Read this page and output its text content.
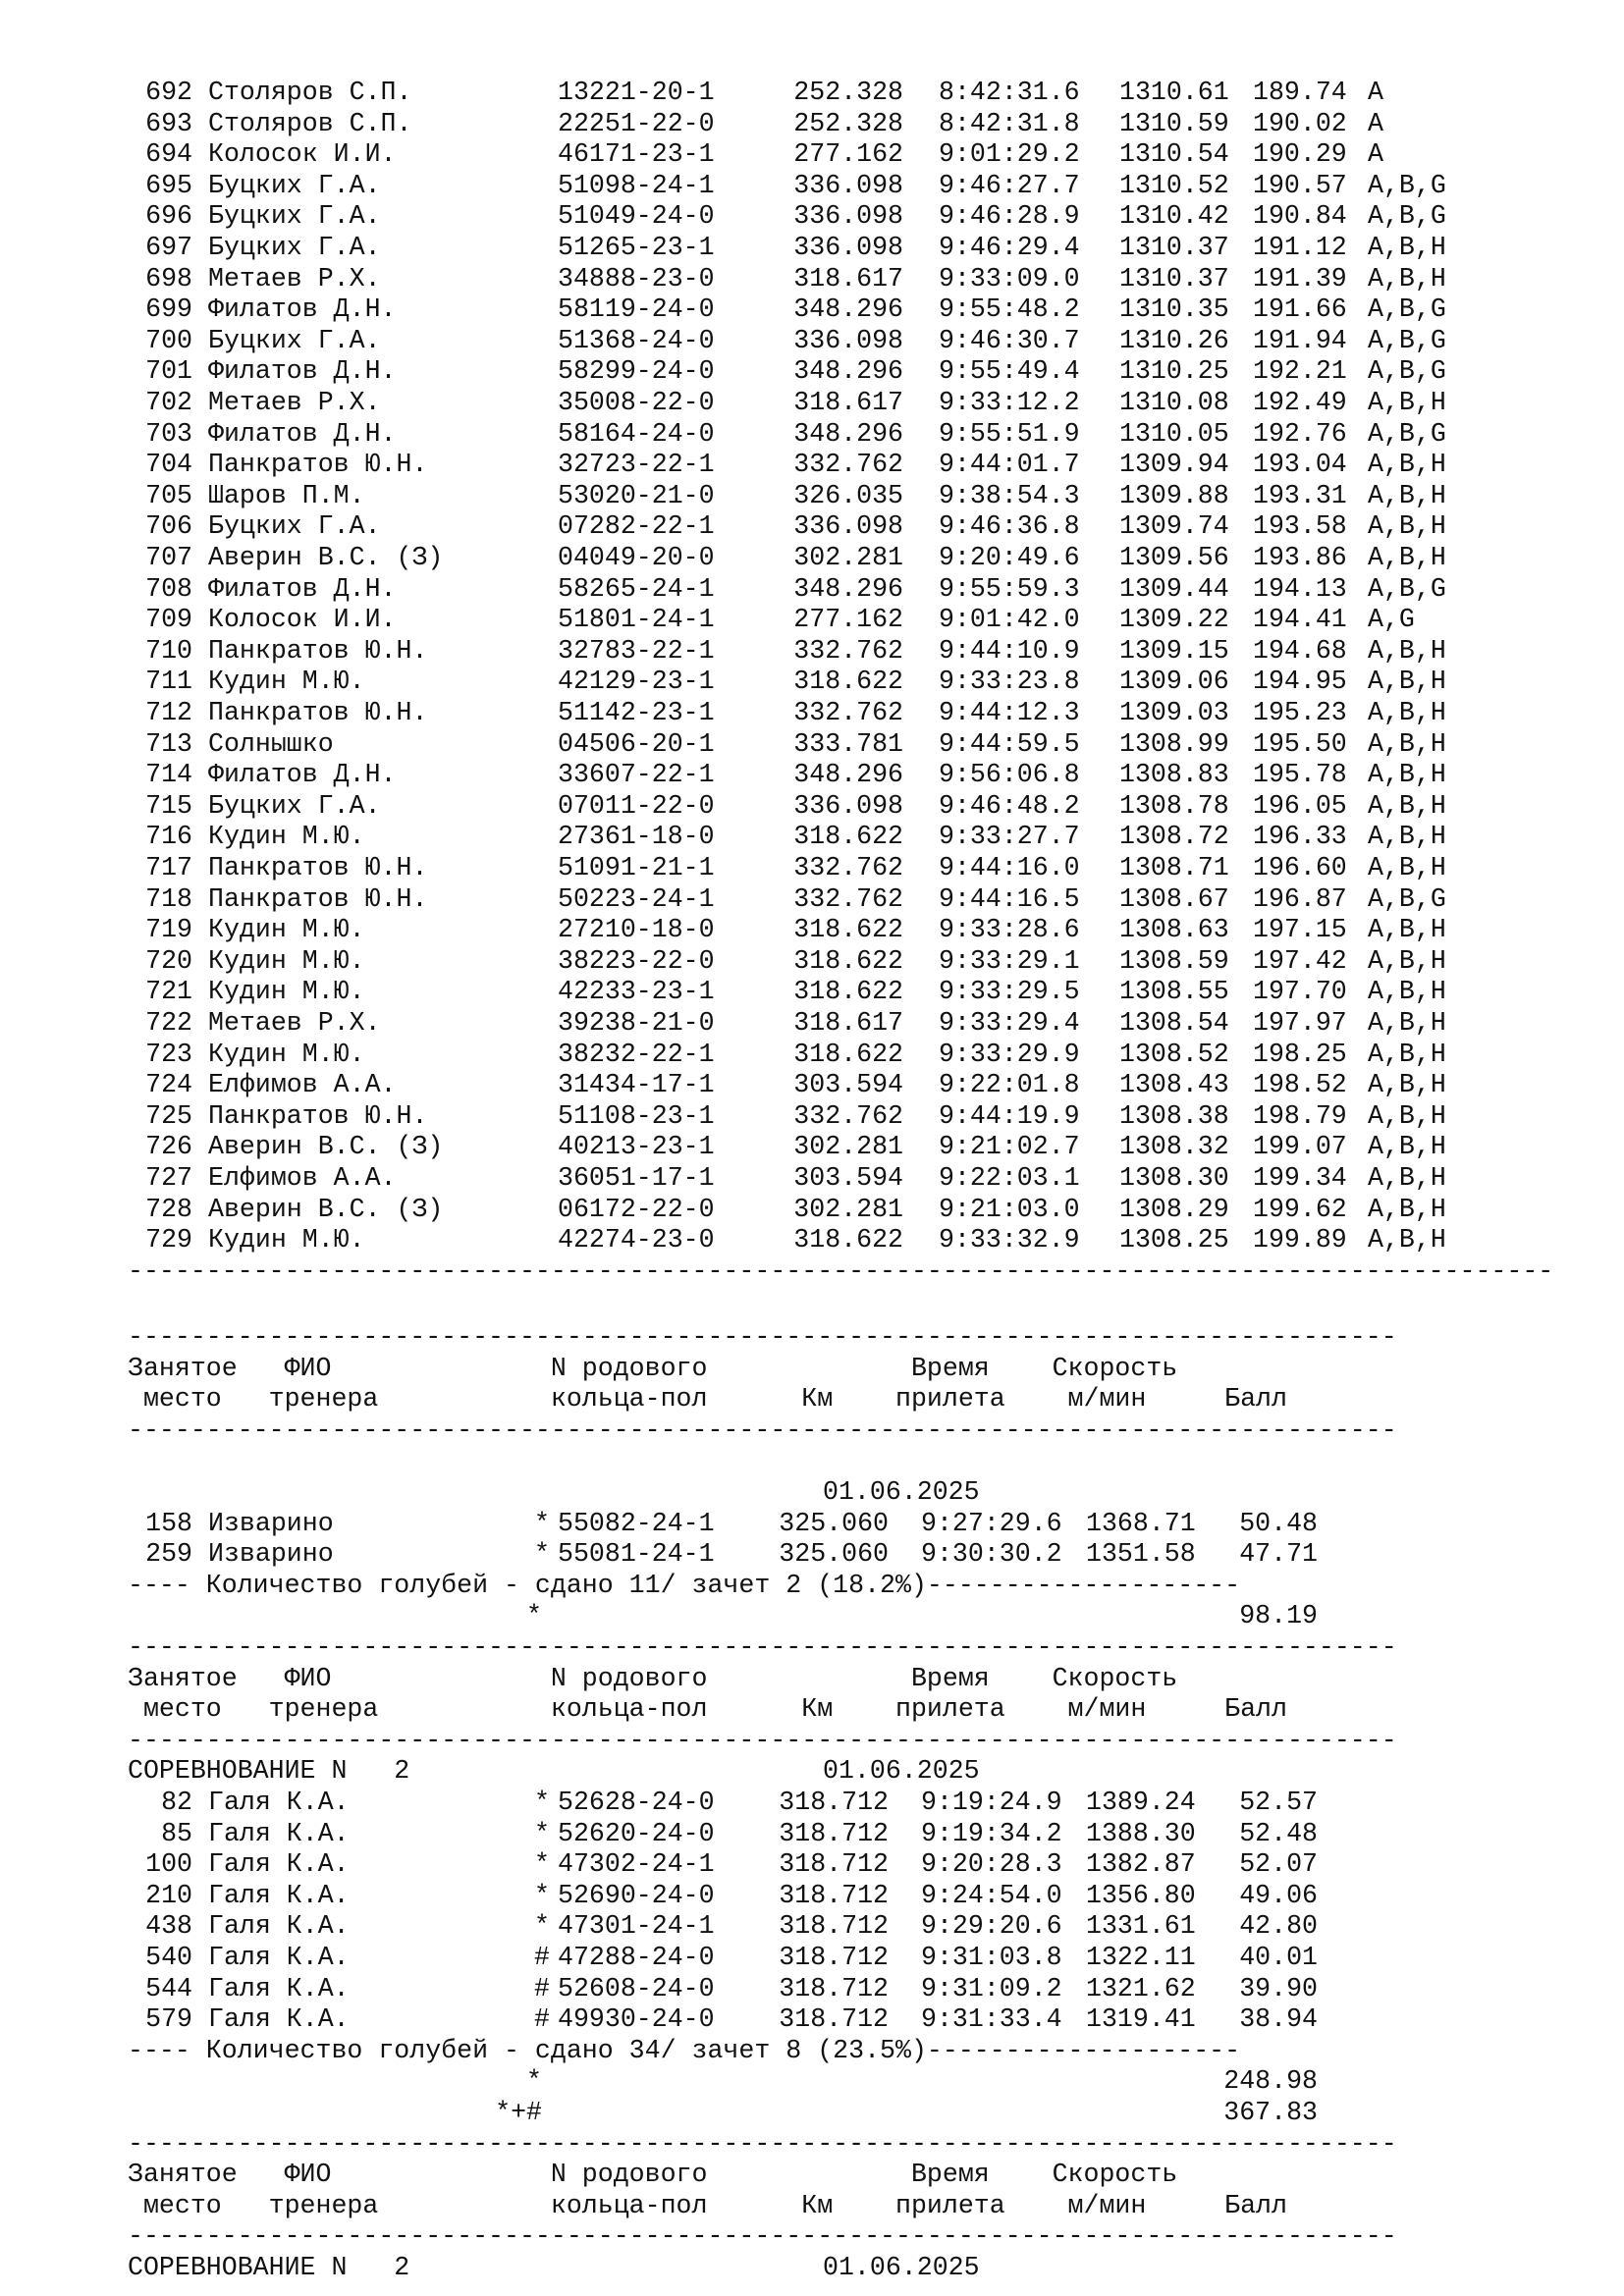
692 Столяров С.П.	13221-20-1	252.328 8:42:31.6 1310.61 189.74 A
693 Столяров С.П.	22251-22-0	252.328 8:42:31.8 1310.59 190.02 A
694 Колосок И.И.	46171-23-1	277.162 9:01:29.2 1310.54 190.29 A
695 Буцких Г.А.	51098-24-1	336.098 9:46:27.7 1310.52 190.57 A,B,G
696 Буцких Г.А.	51049-24-0	336.098 9:46:28.9 1310.42 190.84 A,B,G
697 Буцких Г.А.	51265-23-1	336.098 9:46:29.4 1310.37 191.12 A,B,H
698 Метаев Р.Х.	34888-23-0	318.617 9:33:09.0 1310.37 191.39 A,B,H
699 Филатов Д.Н.	58119-24-0	348.296 9:55:48.2 1310.35 191.66 A,B,G
700 Буцких Г.А.	51368-24-0	336.098 9:46:30.7 1310.26 191.94 A,B,G
701 Филатов Д.Н.	58299-24-0	348.296 9:55:49.4 1310.25 192.21 A,B,G
702 Метаев Р.Х.	35008-22-0	318.617 9:33:12.2 1310.08 192.49 A,B,H
703 Филатов Д.Н.	58164-24-0	348.296 9:55:51.9 1310.05 192.76 A,B,G
704 Панкратов Ю.Н.	32723-22-1	332.762 9:44:01.7 1309.94 193.04 A,B,H
705 Шаров П.М.	53020-21-0	326.035 9:38:54.3 1309.88 193.31 A,B,H
706 Буцких Г.А.	07282-22-1	336.098 9:46:36.8 1309.74 193.58 A,B,H
707 Аверин В.С. (З)	04049-20-0	302.281 9:20:49.6 1309.56 193.86 A,B,H
708 Филатов Д.Н.	58265-24-1	348.296 9:55:59.3 1309.44 194.13 A,B,G
709 Колосок И.И.	51801-24-1	277.162 9:01:42.0 1309.22 194.41 A,G
710 Панкратов Ю.Н.	32783-22-1	332.762 9:44:10.9 1309.15 194.68 A,B,H
711 Кудин М.Ю.	42129-23-1	318.622 9:33:23.8 1309.06 194.95 A,B,H
712 Панкратов Ю.Н.	51142-23-1	332.762 9:44:12.3 1309.03 195.23 A,B,H
713 Солнышко	04506-20-1	333.781 9:44:59.5 1308.99 195.50 A,B,H
714 Филатов Д.Н.	33607-22-1	348.296 9:56:06.8 1308.83 195.78 A,B,H
715 Буцких Г.А.	07011-22-0	336.098 9:46:48.2 1308.78 196.05 A,B,H
716 Кудин М.Ю.	27361-18-0	318.622 9:33:27.7 1308.72 196.33 A,B,H
717 Панкратов Ю.Н.	51091-21-1	332.762 9:44:16.0 1308.71 196.60 A,B,H
718 Панкратов Ю.Н.	50223-24-1	332.762 9:44:16.5 1308.67 196.87 A,B,G
719 Кудин М.Ю.	27210-18-0	318.622 9:33:28.6 1308.63 197.15 A,B,H
720 Кудин М.Ю.	38223-22-0	318.622 9:33:29.1 1308.59 197.42 A,B,H
721 Кудин М.Ю.	42233-23-1	318.622 9:33:29.5 1308.55 197.70 A,B,H
722 Метаев Р.Х.	39238-21-0	318.617 9:33:29.4 1308.54 197.97 A,B,H
723 Кудин М.Ю.	38232-22-1	318.622 9:33:29.9 1308.52 198.25 A,B,H
724 Елфимов А.А.	31434-17-1	303.594 9:22:01.8 1308.43 198.52 A,B,H
725 Панкратов Ю.Н.	51108-23-1	332.762 9:44:19.9 1308.38 198.79 A,B,H
726 Аверин В.С. (З)	40213-23-1	302.281 9:21:02.7 1308.32 199.07 A,B,H
727 Елфимов А.А.	36051-17-1	303.594 9:22:03.1 1308.30 199.34 A,B,H
728 Аверин В.С. (З)	06172-22-0	302.281 9:21:03.0 1308.29 199.62 A,B,H
729 Кудин М.Ю.	42274-23-0	318.622 9:33:32.9 1308.25 199.89 A,B,H
-------------------------------------------------------------------------------------------
---------------------------------------------------------------------------------
Занятое   ФИО              N родового             Время    Скорость
место   тренера           кольца-пол      Км    прилета    м/мин     Балл
---------------------------------------------------------------------------------
01.06.2025
158 Изварино	* 55082-24-1	325.060 9:27:29.6 1368.71	50.48
259 Изварино	* 55081-24-1	325.060 9:30:30.2 1351.58	47.71
---- Количество голубей - сдано 11/ зачет 2 (18.2%)--------------------
*	98.19
---------------------------------------------------------------------------------
Занятое   ФИО              N родового             Время    Скорость
место   тренера           кольца-пол      Км    прилета    м/мин     Балл
---------------------------------------------------------------------------------
СОРЕВНОВАНИЕ N   2	01.06.2025
82 Галя К.А.	* 52628-24-0	318.712 9:19:24.9 1389.24	52.57
85 Галя К.А.	* 52620-24-0	318.712 9:19:34.2 1388.30	52.48
100 Галя К.А.	* 47302-24-1	318.712 9:20:28.3 1382.87	52.07
210 Галя К.А.	* 52690-24-0	318.712 9:24:54.0 1356.80	49.06
438 Галя К.А.	* 47301-24-1	318.712 9:29:20.6 1331.61	42.80
540 Галя К.А.	# 47288-24-0	318.712 9:31:03.8 1322.11	40.01
544 Галя К.А.	# 52608-24-0	318.712 9:31:09.2 1321.62	39.90
579 Галя К.А.	# 49930-24-0	318.712 9:31:33.4 1319.41	38.94
---- Количество голубей - сдано 34/ зачет 8 (23.5%)--------------------
*	248.98
*+#	367.83
---------------------------------------------------------------------------------
Занятое   ФИО              N родового             Время    Скорость
место   тренера           кольца-пол      Км    прилета    м/мин     Балл
---------------------------------------------------------------------------------
СОРЕВНОВАНИЕ N   2	01.06.2025
